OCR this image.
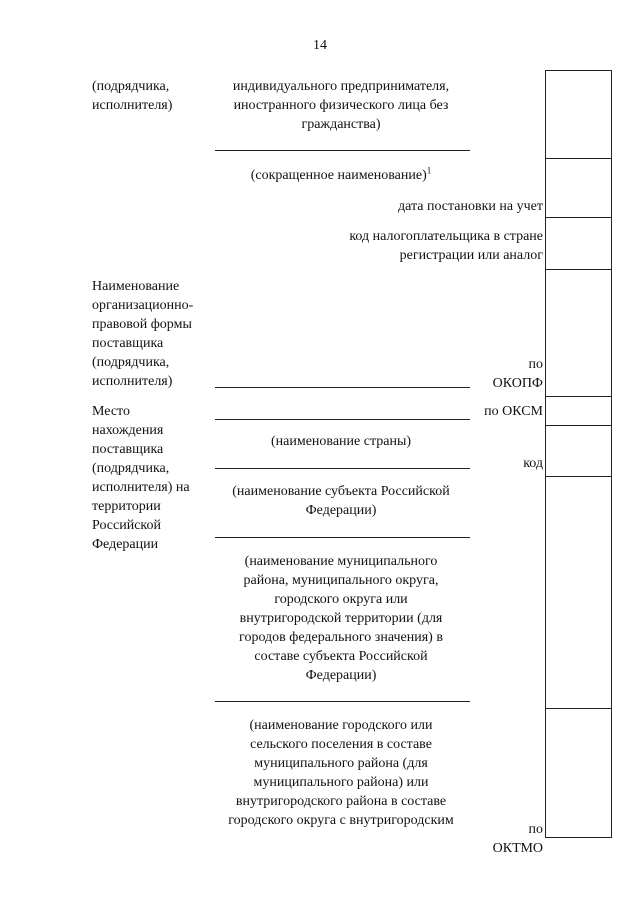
14
(подрядчика,
исполнителя)
Наименование
организационно-
правовой формы
поставщика
(подрядчика,
исполнителя)
Место
нахождения
поставщика
(подрядчика,
исполнителя) на
территории
Российской
Федерации
индивидуального предпринимателя,
иностранного физического лица без
гражданства)
(сокращенное наименование)$^1$
(наименование страны)
(наименование субъекта Российской
Федерации)
(наименование муниципального
района, муниципального округа,
городского округа или
внутригородской территории (для
городов федерального значения) в
составе субъекта Российской
Федерации)
(наименование городского или
сельского поселения в составе
муниципального района (для
муниципального района) или
внутригородского района в составе
городского округа с внутригородским
дата постановки на учет
код налогоплательщика в стране
регистрации или аналог
по
ОКОПФ
по ОКСМ
код
по
ОКТМО
